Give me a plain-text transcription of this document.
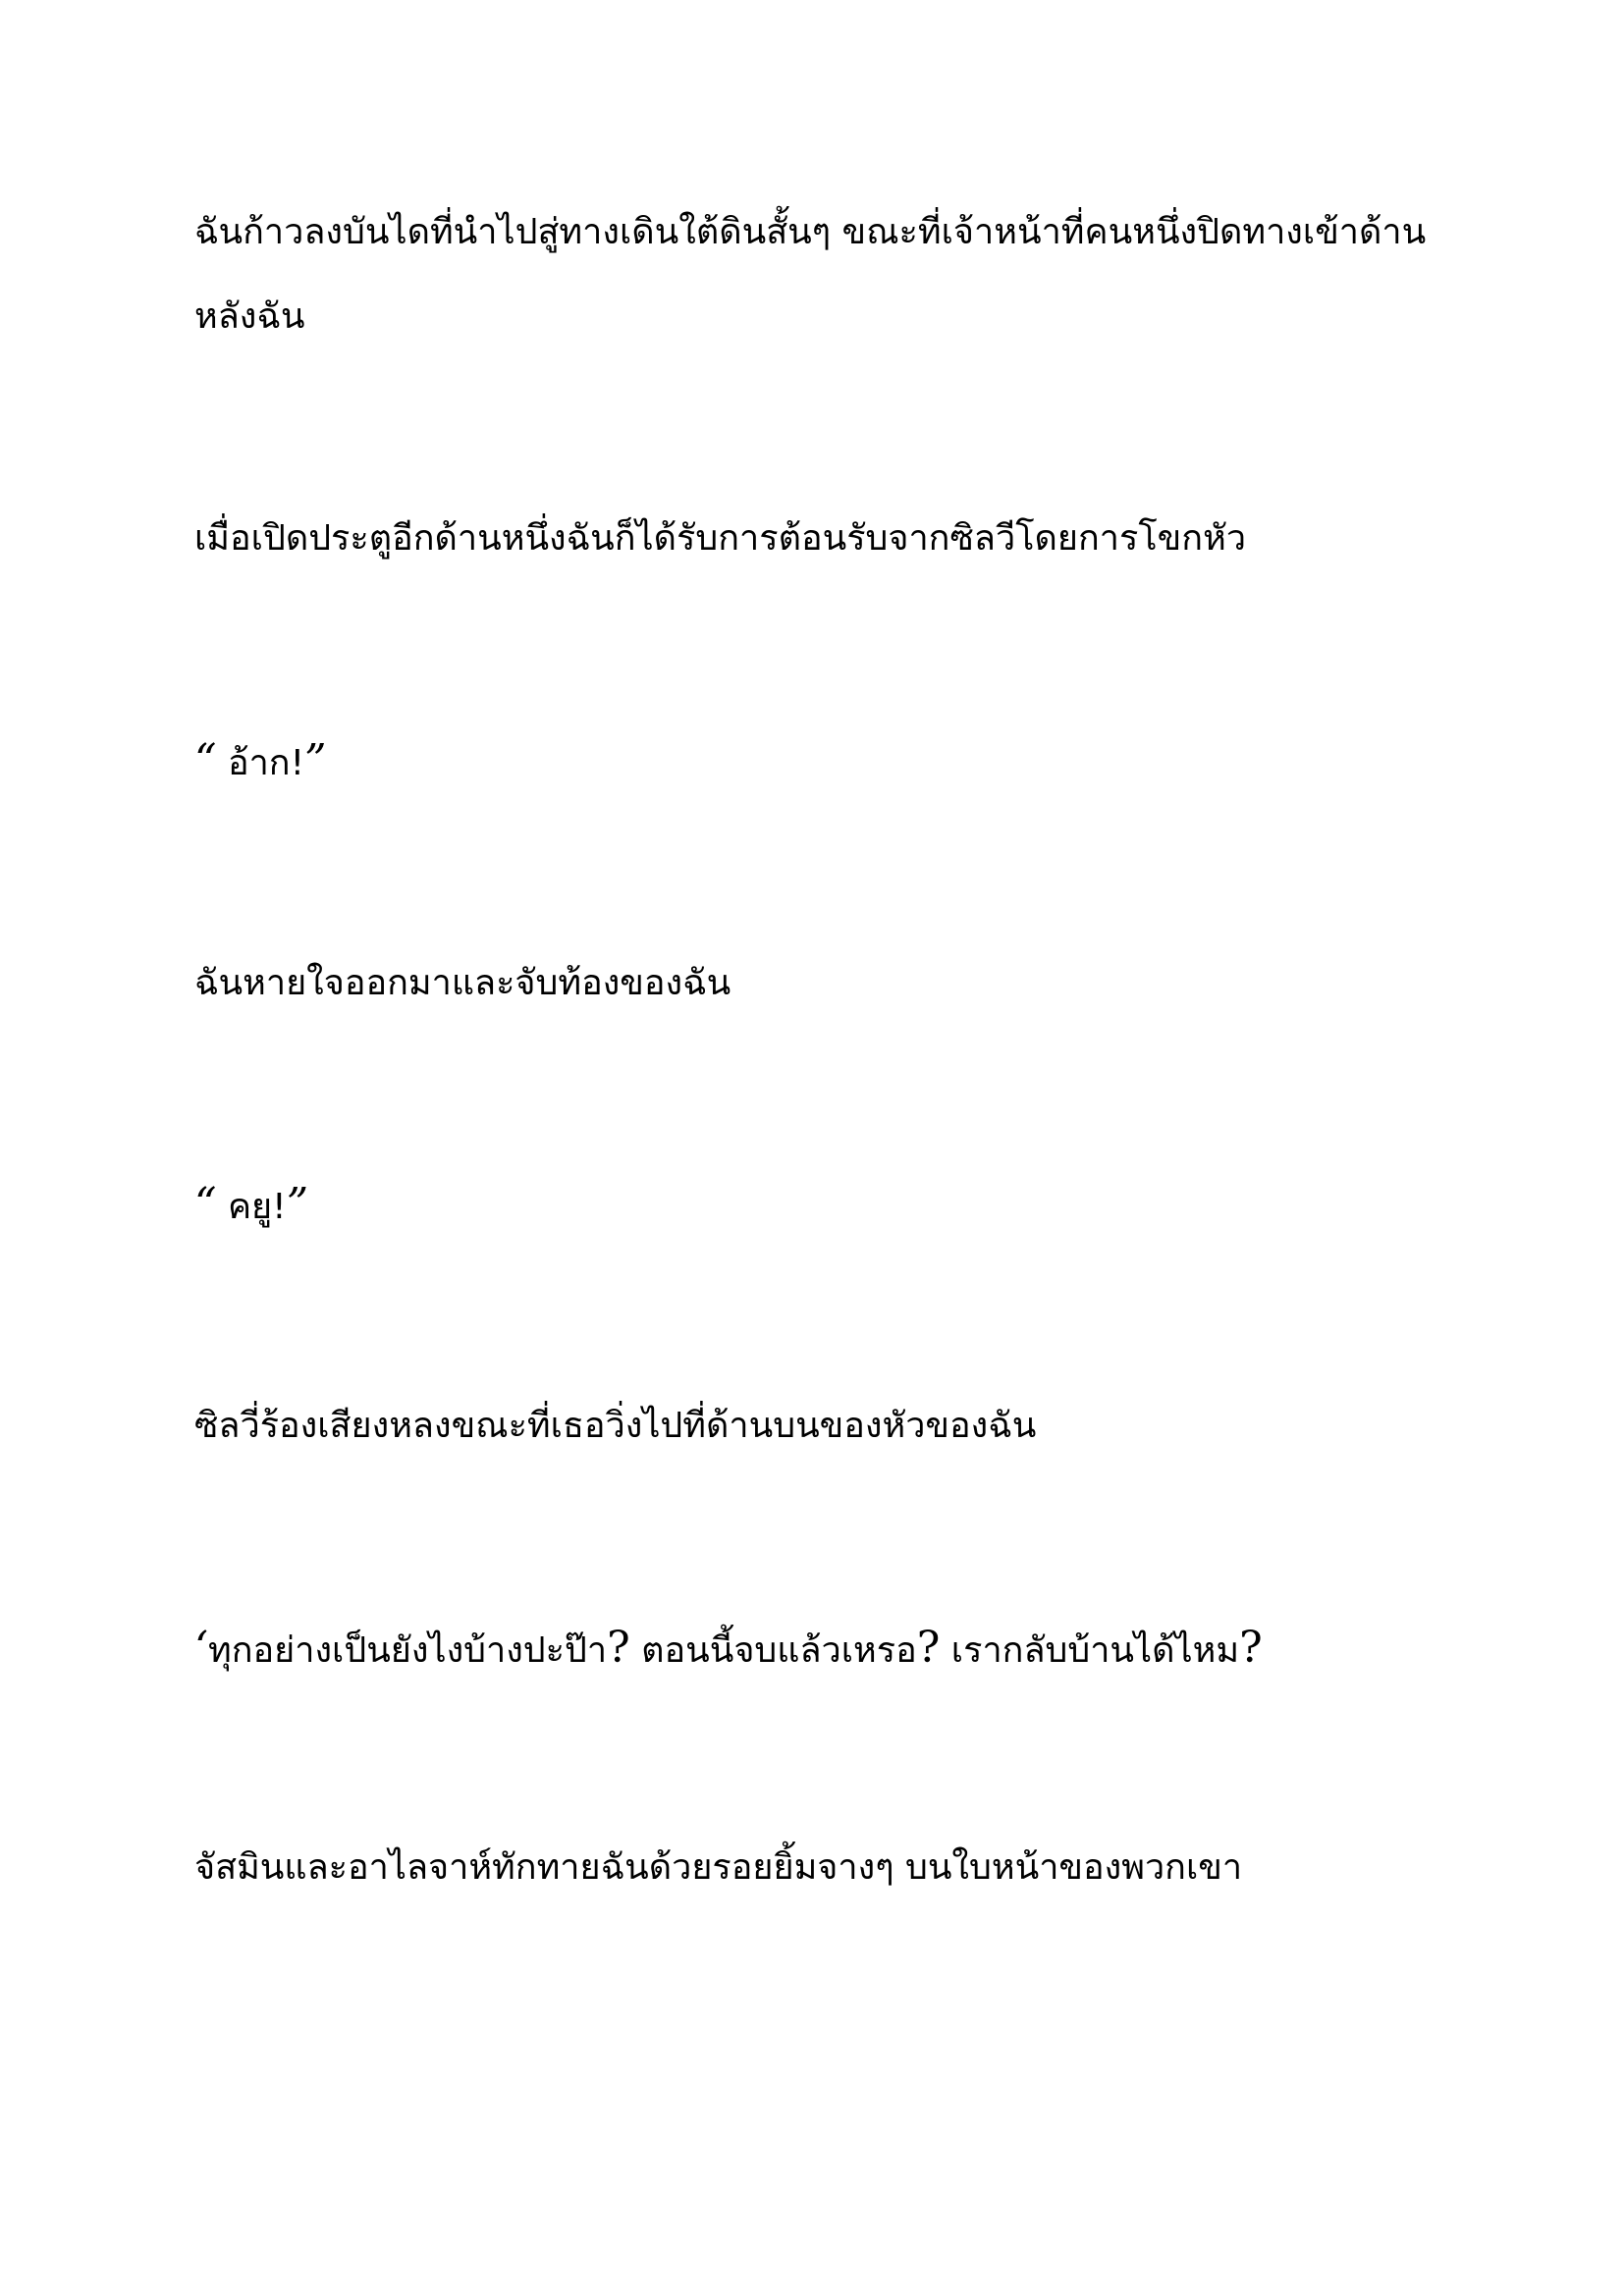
ฉันก้าวลงบันไดที่นำไปสู่ทางเดินใต้ดินสั้นๆ ขณะที่เจ้าหน้าที่คนหนึ่งปิดทางเข้าด้านหลังฉัน

เมื่อเปิดประตูอีกด้านหนึ่งฉันก็ได้รับการต้อนรับจากซิลวีโดยการโขกหัว

“ อ้าก!”

ฉันหายใจออกมาและจับท้องของฉัน

“ คยู!”

ซิลวี่ร้องเสียงหลงขณะที่เธอวิ่งไปที่ด้านบนของหัวของฉัน

‘ทุกอย่างเป็นยังไงบ้างปะป๊า? ตอนนี้จบแล้วเหรอ? เรากลับบ้านได้ไหม?

จัสมินและอาไลจาห์ทักทายฉันด้วยรอยยิ้มจางๆ บนใบหน้าของพวกเขา
